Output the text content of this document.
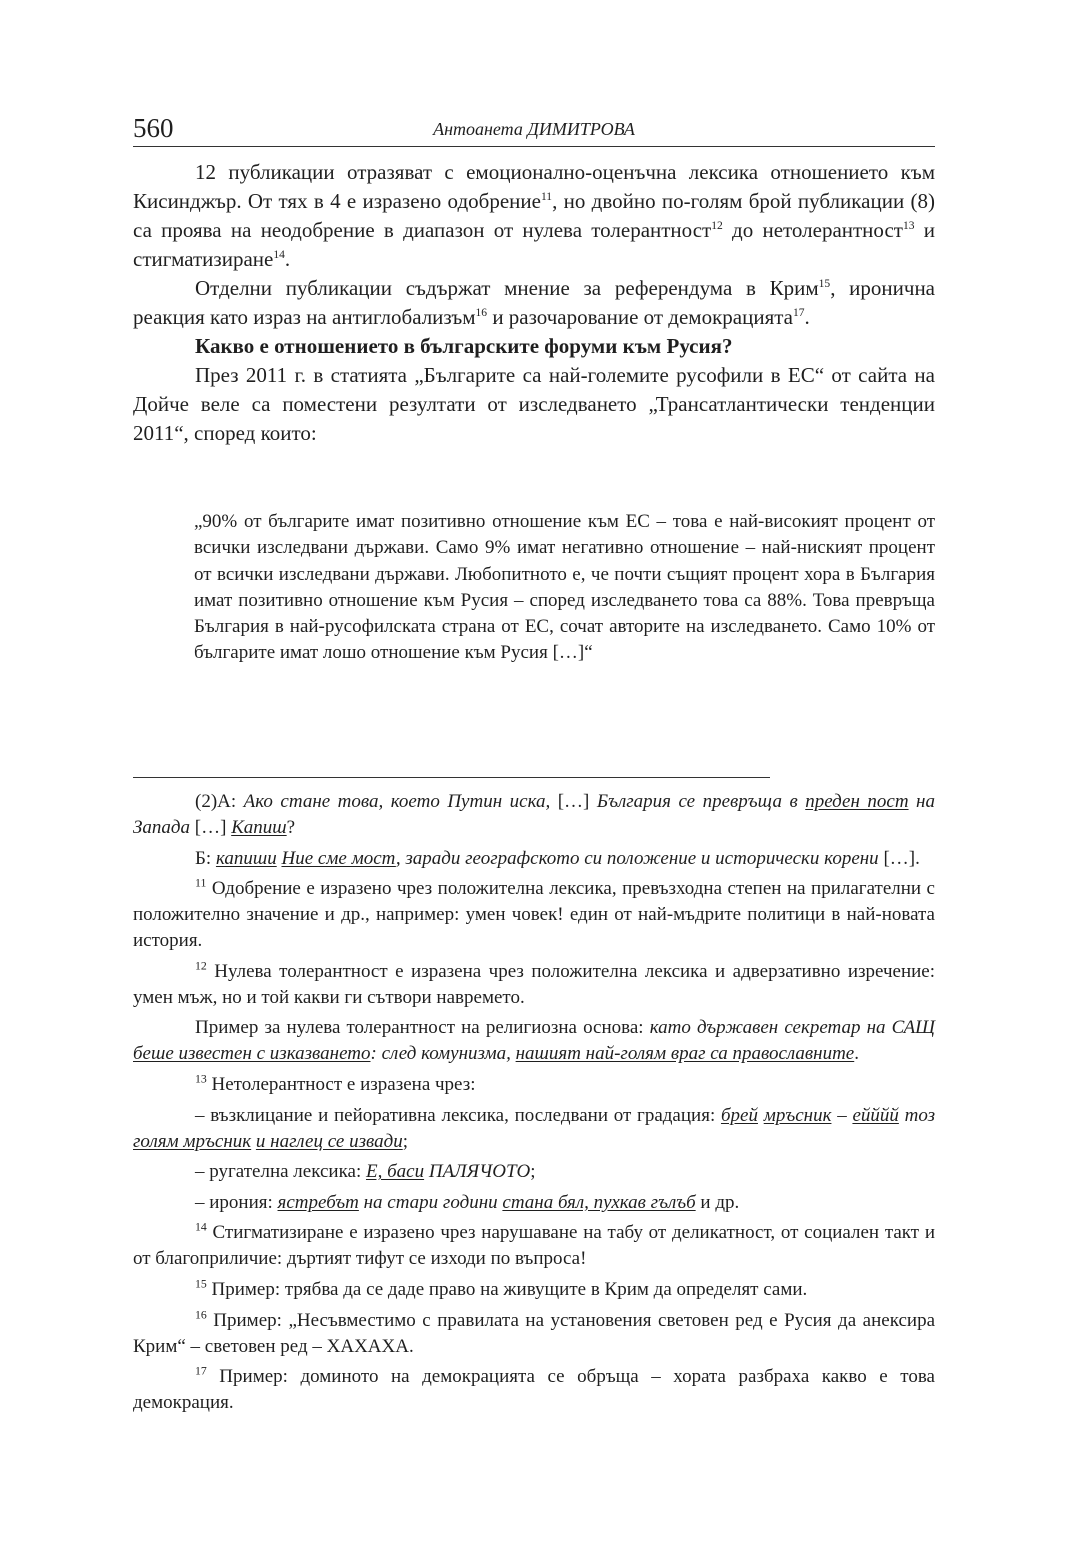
560	Антоанета ДИМИТРОВА

12 публикации отразяват с емоционално-оценъчна лексика отношението към Кисинджър. От тях в 4 е изразено одобрение$^{11}$, но двойно по-голям брой публикации (8) са проява на неодобрение в диапазон от нулева толерантност$^{12}$ до нетолерантност$^{13}$ и стигматизиране$^{14}$.

Отделни публикации съдържат мнение за референдума в Крим$^{15}$, иронична реакция като израз на антиглобализъм$^{16}$ и разочарование от демокрацията$^{17}$.

Какво е отношението в българските форуми към Русия?

През 2011 г. в статията „Българите са най-големите русофили в ЕС“ от сайта на Дойче веле са поместени резултати от изследването „Трансатлантически тенденции 2011“, според които:

„90% от българите имат позитивно отношение към ЕС – това е най-високият процент от всички изследвани държави. Само 9% имат негативно отношение – най-ниският процент от всички изследвани държави. Любопитното е, че почти същият процент хора в България имат позитивно отношение към Русия – според изследването това са 88%. Това превръща България в най-русофилската страна от ЕС, сочат авторите на изследването. Само 10% от българите имат лошо отношение към Русия […]“

(2)А: Ако стане това, което Путин иска, […] България се превръща в преден пост на Запада […] Капиш?

Б: капиши Ние сме мост, заради географското си положение и исторически корени […].

$^{11}$ Одобрение е изразено чрез положителна лексика, превъзходна степен на прилагателни с положително значение и др., например: умен човек! един от най-мъдрите политици в най-новата история.

$^{12}$ Нулева толерантност е изразена чрез положителна лексика и адверзативно изречение: умен мъж, но и той какви ги сътвори навремето.

Пример за нулева толерантност на религиозна основа: като държавен секретар на САЩ беше известен с изказването: след комунизма, нашият най-голям враг са православните.

$^{13}$ Нетолерантност е изразена чрез:

– възклицание и пейоративна лексика, последвани от градация: брей мръсник – ейййй тоз голям мръсник и наглец се извади;

– ругателна лексика: Е, баси ПАЛЯЧОТО;

– ирония: ястребът на стари години стана бял, пухкав гълъб и др.

$^{14}$ Стигматизиране е изразено чрез нарушаване на табу от деликатност, от социален такт и от благоприличие: дъртият тифут се изходи по въпроса!

$^{15}$ Пример: трябва да се даде право на живущите в Крим да определят сами.

$^{16}$ Пример: „Несъвместимо с правилата на установения световен ред е Русия да анексира Крим“ – световен ред – ХАХАХА.

$^{17}$ Пример: доминото на демокрацията се обръща – хората разбраха какво е това демокрация.
